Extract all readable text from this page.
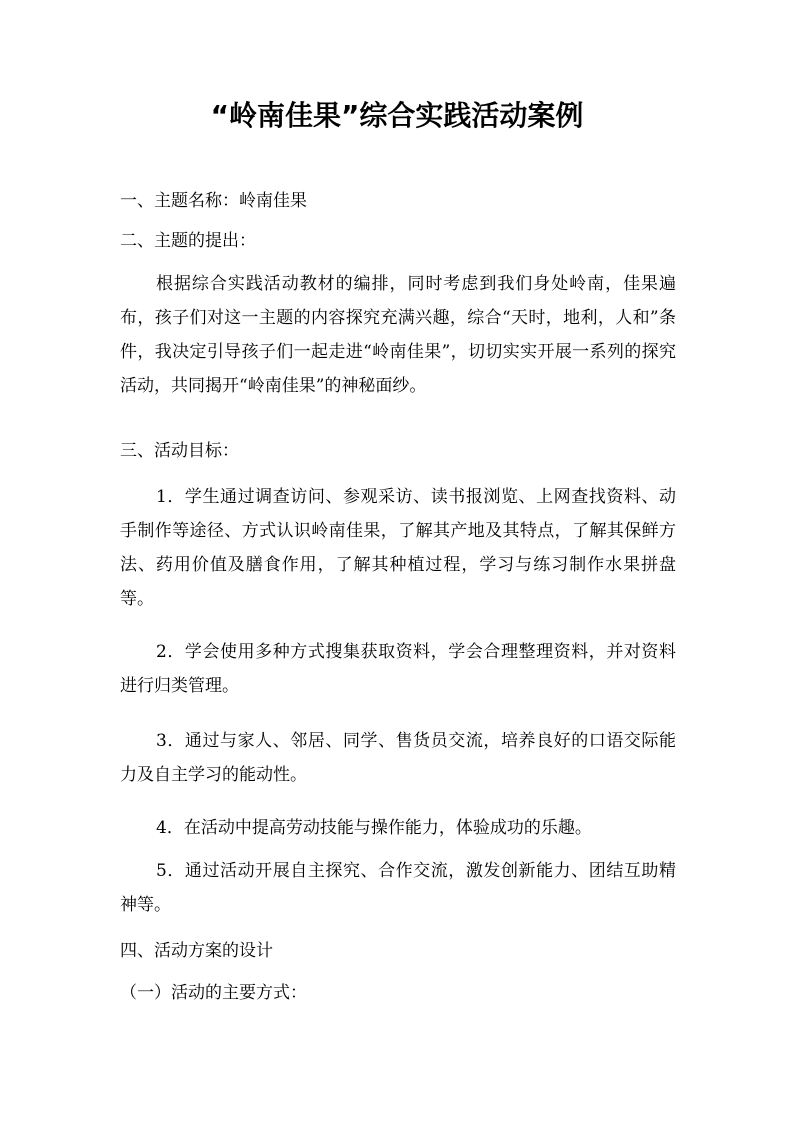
“岭南佳果”综合实践活动案例
一、主题名称：岭南佳果
二、主题的提出：
根据综合实践活动教材的编排，同时考虑到我们身处岭南，佳果遍布，孩子们对这一主题的内容探究充满兴趣，综合“天时，地利，人和”条件，我决定引导孩子们一起走进“岭南佳果”，切切实实开展一系列的探究活动，共同揭开“岭南佳果”的神秘面纱。
三、活动目标：
1．学生通过调查访问、参观采访、读书报浏览、上网查找资料、动手制作等途径、方式认识岭南佳果，了解其产地及其特点，了解其保鲜方法、药用价值及膳食作用，了解其种植过程，学习与练习制作水果拼盘等。
2．学会使用多种方式搜集获取资料，学会合理整理资料，并对资料进行归类管理。
3．通过与家人、邻居、同学、售货员交流，培养良好的口语交际能力及自主学习的能动性。
4．在活动中提高劳动技能与操作能力，体验成功的乐趣。
5．通过活动开展自主探究、合作交流，激发创新能力、团结互助精神等。
四、活动方案的设计
（一）活动的主要方式：
